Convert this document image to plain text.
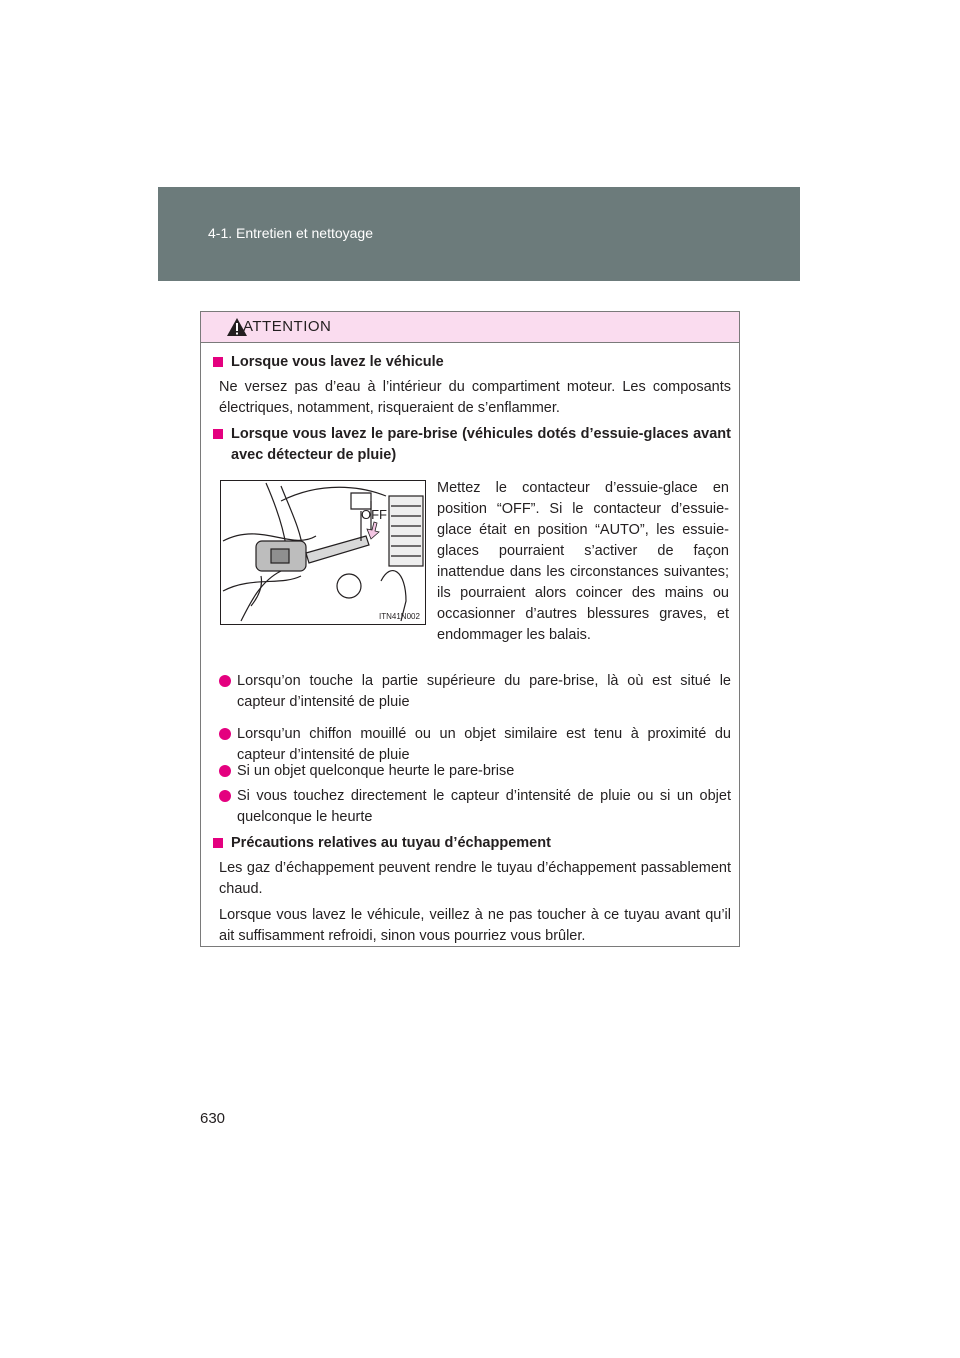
4-1. Entretien et nettoyage
ATTENTION
Lorsque vous lavez le véhicule
Ne versez pas d’eau à l’intérieur du compartiment moteur. Les composants électriques, notamment, risqueraient de s’enflammer.
Lorsque vous lavez le pare-brise (véhicules dotés d’essuie-glaces avant avec détecteur de pluie)
OFF
ITN41N002
Mettez le contacteur d’essuie-glace en position “OFF”. Si le contacteur d’essuie-glace était en position “AUTO”, les essuie-glaces pourraient s’activer de façon inattendue dans les circonstances suivantes; ils pourraient alors coincer des mains ou occasionner d’autres blessures graves, et endommager les balais.
Lorsqu’on touche la partie supérieure du pare-brise, là où est situé le capteur d’intensité de pluie
Lorsqu’un chiffon mouillé ou un objet similaire est tenu à proximité du capteur d’intensité de pluie
Si un objet quelconque heurte le pare-brise
Si vous touchez directement le capteur d’intensité de pluie ou si un objet quelconque le heurte
Précautions relatives au tuyau d’échappement
Les gaz d’échappement peuvent rendre le tuyau d’échappement passablement chaud.
Lorsque vous lavez le véhicule, veillez à ne pas toucher à ce tuyau avant qu’il ait suffisamment refroidi, sinon vous pourriez vous brûler.
630
